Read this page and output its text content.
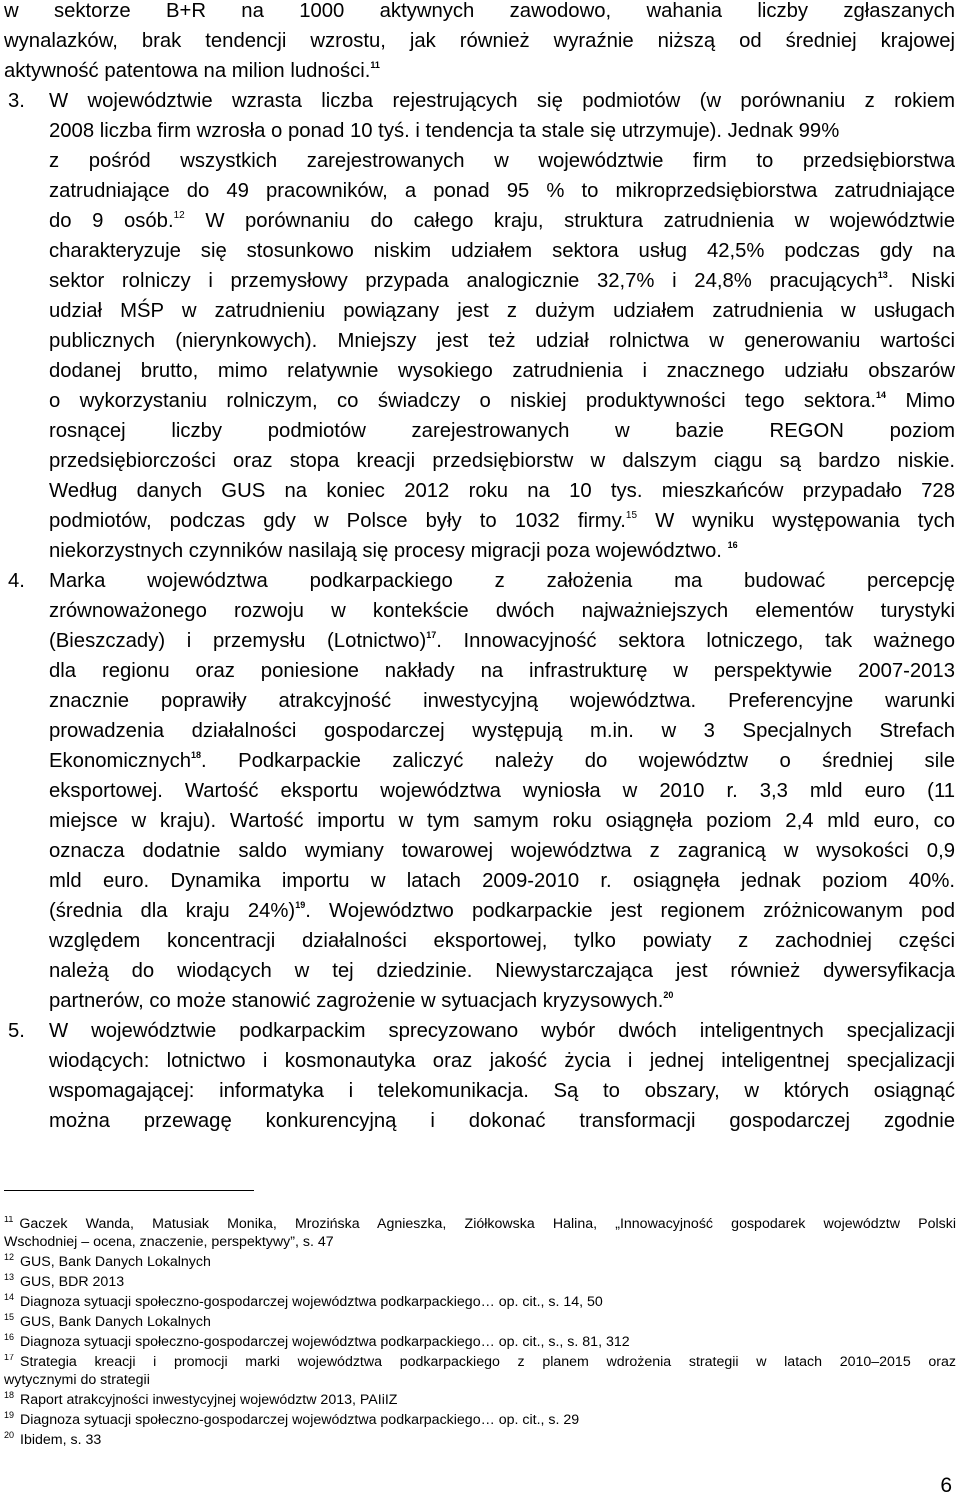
w sektorze B+R na 1000 aktywnych zawodowo, wahania liczby zgłaszanych
wynalazków, brak tendencji wzrostu, jak również wyraźnie niższą od średniej krajowej
aktywność patentowa na milion ludności.$^{11}$
3. W województwie wzrasta liczba rejestrujących się podmiotów (w porównaniu z rokiem
2008 liczba firm wzrosła o ponad 10 tyś. i tendencja ta stale się utrzymuje). Jednak 99%
z pośród wszystkich zarejestrowanych w województwie firm to przedsiębiorstwa
zatrudniające do 49 pracowników, a ponad 95 % to mikroprzedsiębiorstwa zatrudniające
do 9 osób.$^{12}$ W porównaniu do całego kraju, struktura zatrudnienia w województwie
charakteryzuje się stosunkowo niskim udziałem sektora usług 42,5% podczas gdy na
sektor rolniczy i przemysłowy przypada analogicznie 32,7% i 24,8% pracujących$^{13}$. Niski
udział MŚP w zatrudnieniu powiązany jest z dużym udziałem zatrudnienia w usługach
publicznych (nierynkowych). Mniejszy jest też udział rolnictwa w generowaniu wartości
dodanej brutto, mimo relatywnie wysokiego zatrudnienia i znacznego udziału obszarów
o wykorzystaniu rolniczym, co świadczy o niskiej produktywności tego sektora.$^{14}$ Mimo
rosnącej liczby podmiotów zarejestrowanych w bazie REGON poziom
przedsiębiorczości oraz stopa kreacji przedsiębiorstw w dalszym ciągu są bardzo niskie.
Według danych GUS na koniec 2012 roku na 10 tys. mieszkańców przypadało 728
podmiotów, podczas gdy w Polsce były to 1032 firmy.$^{15}$ W wyniku występowania tych
niekorzystnych czynników nasilają się procesy migracji poza województwo. $^{16}$
4. Marka województwa podkarpackiego z założenia ma budować percepcję
zrównoważonego rozwoju w kontekście dwóch najważniejszych elementów turystyki
(Bieszczady) i przemysłu (Lotnictwo)$^{17}$. Innowacyjność sektora lotniczego, tak ważnego
dla regionu oraz poniesione nakłady na infrastrukturę w perspektywie 2007-2013
znacznie poprawiły atrakcyjność inwestycyjną województwa. Preferencyjne warunki
prowadzenia działalności gospodarczej występują m.in. w 3 Specjalnych Strefach
Ekonomicznych$^{18}$. Podkarpackie zaliczyć należy do województw o średniej sile
eksportowej. Wartość eksportu województwa wyniosła w 2010 r. 3,3 mld euro (11
miejsce w kraju). Wartość importu w tym samym roku osiągnęła poziom 2,4 mld euro, co
oznacza dodatnie saldo wymiany towarowej województwa z zagranicą w wysokości 0,9
mld euro. Dynamika importu w latach 2009-2010 r. osiągnęła jednak poziom 40%.
(średnia dla kraju 24%)$^{19}$. Województwo podkarpackie jest regionem zróżnicowanym pod
względem koncentracji działalności eksportowej, tylko powiaty z zachodniej części
należą do wiodących w tej dziedzinie. Niewystarczająca jest również dywersyfikacja
partnerów, co może stanowić zagrożenie w sytuacjach kryzysowych.$^{20}$
5. W województwie podkarpackim sprecyzowano wybór dwóch inteligentnych specjalizacji
wiodących: lotnictwo i kosmonautyka oraz jakość życia i jednej inteligentnej specjalizacji
wspomagającej: informatyka i telekomunikacja. Są to obszary, w których osiągnąć
można przewagę konkurencyjną i dokonać transformacji gospodarczej zgodnie
$^{11}$ Gaczek Wanda, Matusiak Monika, Mrozińska Agnieszka, Ziółkowska Halina, „Innowacyjność gospodarek województw Polski
Wschodniej – ocena, znaczenie, perspektywy”, s. 47
$^{12}$ GUS, Bank Danych Lokalnych
$^{13}$ GUS, BDR 2013
$^{14}$ Diagnoza sytuacji społeczno-gospodarczej województwa podkarpackiego… op. cit., s. 14, 50
$^{15}$ GUS, Bank Danych Lokalnych
$^{16}$ Diagnoza sytuacji społeczno-gospodarczej województwa podkarpackiego… op. cit., s., s. 81, 312
$^{17}$ Strategia kreacji i promocji marki województwa podkarpackiego z planem wdrożenia strategii w latach 2010–2015 oraz
wytycznymi do strategii
$^{18}$ Raport atrakcyjności inwestycyjnej województw 2013, PAIiIZ
$^{19}$ Diagnoza sytuacji społeczno-gospodarczej województwa podkarpackiego… op. cit., s. 29
$^{20}$ Ibidem, s. 33
6
